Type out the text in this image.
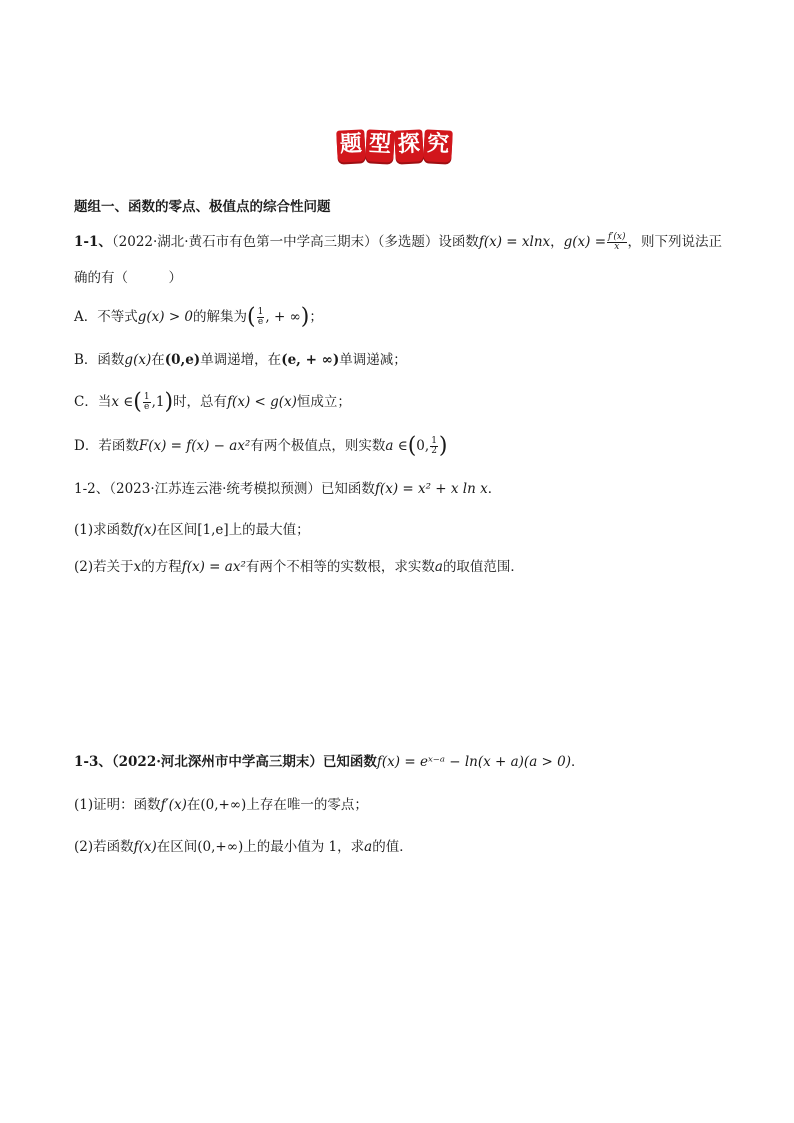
题 型 探 究
题组一、函数的零点、极值点的综合性问题
1-1、（2022·湖北·黄石市有色第一中学高三期末）（多选题）设函数f(x) = xlnx，$g(x) = \frac{f'(x)}{x}$ ，则下列说法正
确的有（　　　）
A．不等式g(x) > 0的解集为( $\frac{1}{e}$ , + ∞)；
B．函数g(x)在(0,e)单调递增，在(e, + ∞)单调递减；
C．当x ∈( $\frac{1}{e} ,1$)时，总有f(x) < g(x)恒成立；
D．若函数F(x) = f(x) − ax²有两个极值点，则实数a ∈(0, $\frac{1}{2}$ )
1-2、（2023·江苏连云港·统考模拟预测）已知函数f(x) = x² + x ln x．
(1)求函数f(x)在区间[1,e]上的最大值；
(2)若关于x的方程f(x) = ax²有两个不相等的实数根，求实数a的取值范围．
1-3、（2022·河北深州市中学高三期末）已知函数f(x) = eˣ⁻ᵃ − ln(x + a)(a > 0)．
(1)证明：函数f′(x)在(0,+∞)上存在唯一的零点；
(2)若函数f(x)在区间(0,+∞)上的最小值为 1，求a的值．
